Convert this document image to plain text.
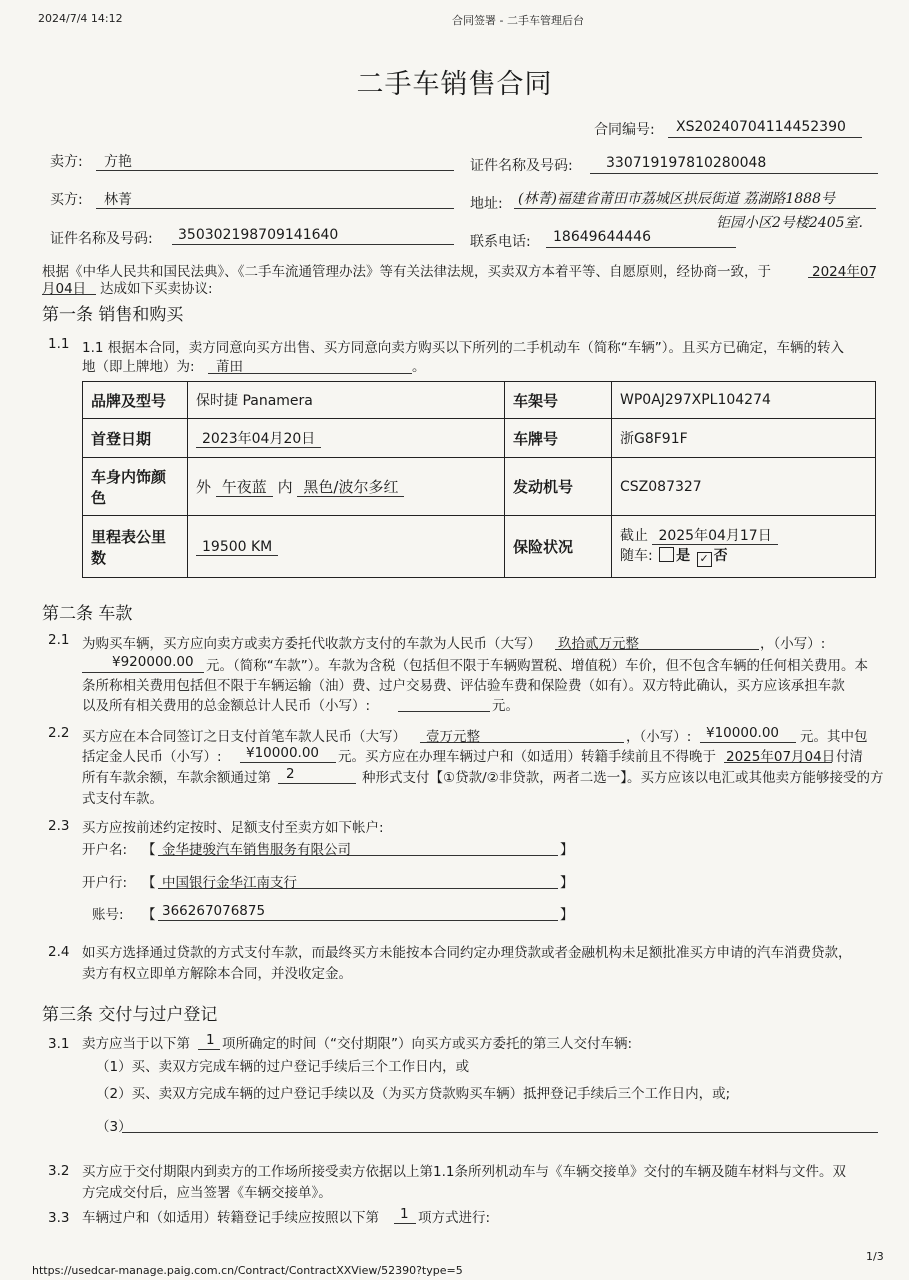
2024/7/4 14:12	合同签署 - 二手车管理后台
二手车销售合同
合同编号: XS20240704114452390
卖方: 方艳	证件名称及号码: 330719197810280048
买方: 林菁	地址: (林菁)福建省莆田市荔城区拱辰街道 荔湖路1888号
钜园小区2号楼2405室.
证件名称及号码: 350302198709141640	联系电话: 18649644446
根据《中华人民共和国民法典》、《二手车流通管理办法》等有关法律法规，买卖双方本着平等、自愿原则，经协商一致，于	2024年07
月04日 达成如下买卖协议:
第一条 销售和购买
1.1 1.1 根据本合同，卖方同意向买方出售、买方同意向卖方购买以下所列的二手机动车（简称“车辆”）。且买方已确定，车辆的转入
地（即上牌地）为: 莆田	。
品牌及型号	保时捷 Panamera	车架号	WP0AJ297XPL104274
首登日期	2023年04月20日	车牌号	浙G8F91F
车身内饰颜
色	外 午夜蓝 内 黑色/波尔多红	发动机号	CSZ087327
里程表公里
数	19500 KM	保险状况	截止 2025年04月17日
随车: 是 ✓ 否
第二条 车款
2.1 为购买车辆，买方应向卖方或卖方委托代收款方支付的车款为人民币（大写） 玖拾贰万元整	，（小写）:
¥920000.00 元。（简称“车款”）。车款为含税（包括但不限于车辆购置税、增值税）车价，但不包含车辆的任何相关费用。本
条所称相关费用包括但不限于车辆运输（油）费、过户交易费、评估验车费和保险费（如有）。双方特此确认，买方应该承担车款
以及所有相关费用的总金额总计人民币（小写）:	元。
2.2 买方应在本合同签订之日支付首笔车款人民币（大写） 壹万元整	，（小写）: ¥10000.00 元。其中包
括定金人民币（小写）: ¥10000.00 元。买方应在办理车辆过户和（如适用）转籍手续前且不得晚于 2025年07月04日 付清
所有车款余额，车款余额通过第 2	种形式支付【①贷款/②非贷款，两者二选一】。买方应该以电汇或其他卖方能够接受的方
式支付车款。
2.3 买方应按前述约定按时、足额支付至卖方如下帐户:
开户名: 【 金华捷骏汽车销售服务有限公司	】
开户行: 【 中国银行金华江南支行	】
账号: 【 366267076875	】
2.4 如买方选择通过贷款的方式支付车款，而最终买方未能按本合同约定办理贷款或者金融机构未足额批准买方申请的汽车消费贷款，
卖方有权立即单方解除本合同，并没收定金。
第三条 交付与过户登记
3.1 卖方应当于以下第 1 项所确定的时间（“交付期限”）向买方或买方委托的第三人交付车辆:
（1）买、卖双方完成车辆的过户登记手续后三个工作日内，或
（2）买、卖双方完成车辆的过户登记手续以及（为买方贷款购买车辆）抵押登记手续后三个工作日内，或;
（3）
3.2 买方应于交付期限内到卖方的工作场所接受卖方依据以上第1.1条所列机动车与《车辆交接单》交付的车辆及随车材料与文件。双
方完成交付后，应当签署《车辆交接单》。
3.3 车辆过户和（如适用）转籍登记手续应按照以下第 1 项方式进行:
https://usedcar-manage.paig.com.cn/Contract/ContractXXView/52390?type=5
1/3
